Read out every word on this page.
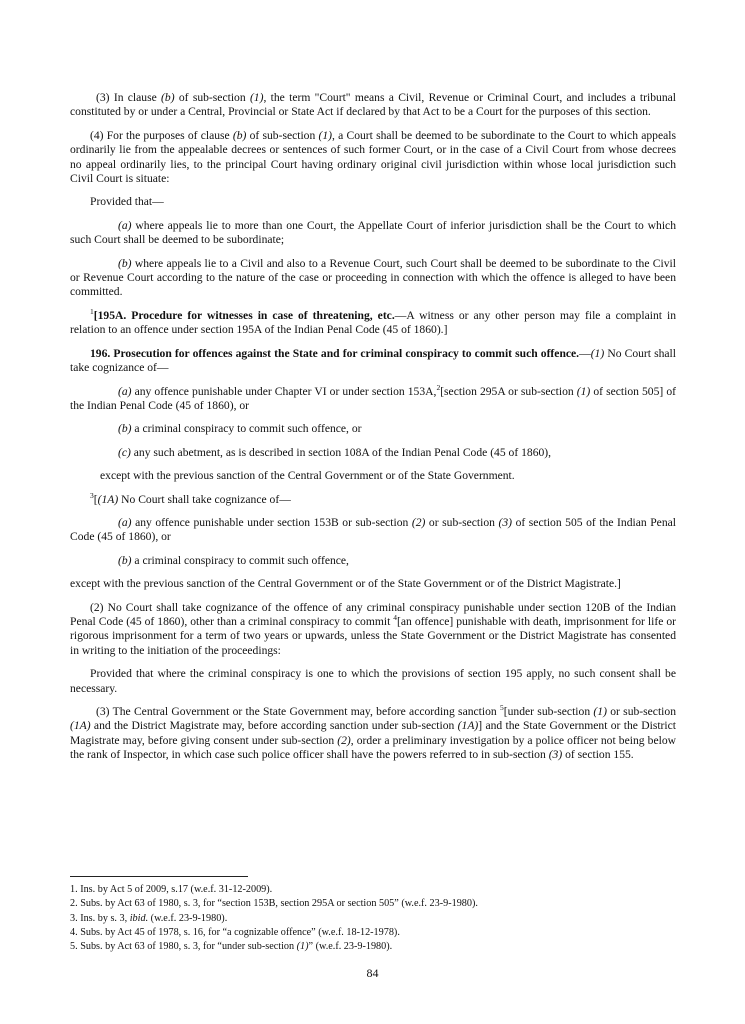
(3) In clause (b) of sub-section (1), the term "Court" means a Civil, Revenue or Criminal Court, and includes a tribunal constituted by or under a Central, Provincial or State Act if declared by that Act to be a Court for the purposes of this section.

(4) For the purposes of clause (b) of sub-section (1), a Court shall be deemed to be subordinate to the Court to which appeals ordinarily lie from the appealable decrees or sentences of such former Court, or in the case of a Civil Court from whose decrees no appeal ordinarily lies, to the principal Court having ordinary original civil jurisdiction within whose local jurisdiction such Civil Court is situate:

Provided that—

(a) where appeals lie to more than one Court, the Appellate Court of inferior jurisdiction shall be the Court to which such Court shall be deemed to be subordinate;

(b) where appeals lie to a Civil and also to a Revenue Court, such Court shall be deemed to be subordinate to the Civil or Revenue Court according to the nature of the case or proceeding in connection with which the offence is alleged to have been committed.

$^1$[195A. Procedure for witnesses in case of threatening, etc.—A witness or any other person may file a complaint in relation to an offence under section 195A of the Indian Penal Code (45 of 1860).]

196. Prosecution for offences against the State and for criminal conspiracy to commit such offence.—(1) No Court shall take cognizance of—

(a) any offence punishable under Chapter VI or under section 153A,$^2$[section 295A or sub-section (1) of section 505] of the Indian Penal Code (45 of 1860), or

(b) a criminal conspiracy to commit such offence, or

(c) any such abetment, as is described in section 108A of the Indian Penal Code (45 of 1860),

except with the previous sanction of the Central Government or of the State Government.

$^3$[(1A) No Court shall take cognizance of—

(a) any offence punishable under section 153B or sub-section (2) or sub-section (3) of section 505 of the Indian Penal Code (45 of 1860), or

(b) a criminal conspiracy to commit such offence,

except with the previous sanction of the Central Government or of the State Government or of the District Magistrate.]

(2) No Court shall take cognizance of the offence of any criminal conspiracy punishable under section 120B of the Indian Penal Code (45 of 1860), other than a criminal conspiracy to commit $^4$[an offence] punishable with death, imprisonment for life or rigorous imprisonment for a term of two years or upwards, unless the State Government or the District Magistrate has consented in writing to the initiation of the proceedings:

Provided that where the criminal conspiracy is one to which the provisions of section 195 apply, no such consent shall be necessary.

(3) The Central Government or the State Government may, before according sanction $^5$[under sub-section (1) or sub-section (1A) and the District Magistrate may, before according sanction under sub-section (1A)] and the State Government or the District Magistrate may, before giving consent under sub-section (2), order a preliminary investigation by a police officer not being below the rank of Inspector, in which case such police officer shall have the powers referred to in sub-section (3) of section 155.

1. Ins. by Act 5 of 2009, s.17 (w.e.f. 31-12-2009).

2. Subs. by Act 63 of 1980, s. 3, for “section 153B, section 295A or section 505” (w.e.f. 23-9-1980).

3. Ins. by s. 3, ibid. (w.e.f. 23-9-1980).

4. Subs. by Act 45 of 1978, s. 16, for “a cognizable offence” (w.e.f. 18-12-1978).

5. Subs. by Act 63 of 1980, s. 3, for “under sub-section (1)” (w.e.f. 23-9-1980).

84
